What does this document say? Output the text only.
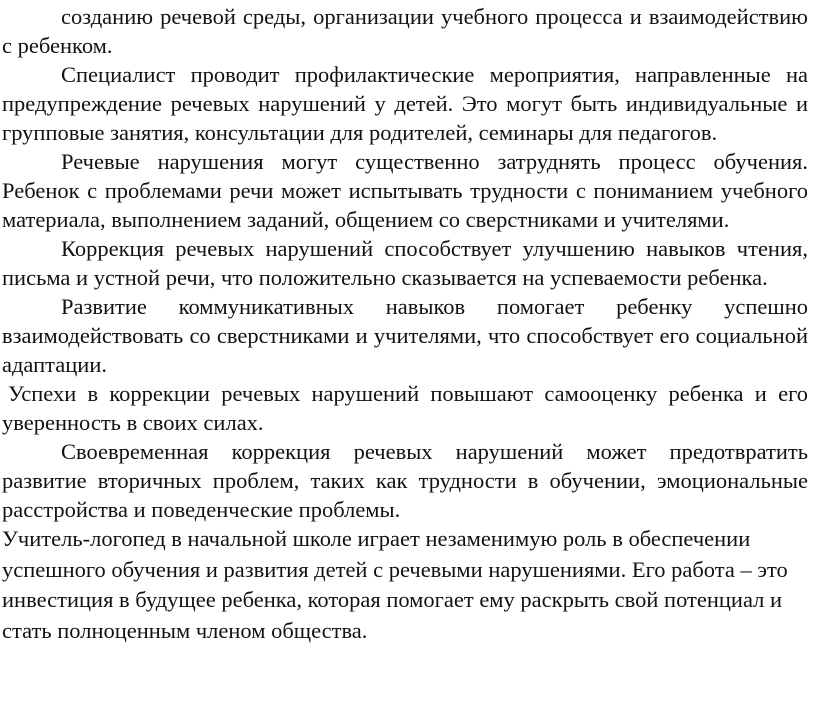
созданию речевой среды, организации учебного процесса и взаимодействию с ребенком.

Специалист проводит профилактические мероприятия, направленные на предупреждение речевых нарушений у детей. Это могут быть индивидуальные и групповые занятия, консультации для родителей, семинары для педагогов.

Речевые нарушения могут существенно затруднять процесс обучения. Ребенок с проблемами речи может испытывать трудности с пониманием учебного материала, выполнением заданий, общением со сверстниками и учителями.

Коррекция речевых нарушений способствует улучшению навыков чтения, письма и устной речи, что положительно сказывается на успеваемости ребенка.

Развитие коммуникативных навыков помогает ребенку успешно взаимодействовать со сверстниками и учителями, что способствует его социальной адаптации.

Успехи в коррекции речевых нарушений повышают самооценку ребенка и его уверенность в своих силах.

Своевременная коррекция речевых нарушений может предотвратить развитие вторичных проблем, таких как трудности в обучении, эмоциональные расстройства и поведенческие проблемы.

Учитель-логопед в начальной школе играет незаменимую роль в обеспечении успешного обучения и развития детей с речевыми нарушениями. Его работа – это инвестиция в будущее ребенка, которая помогает ему раскрыть свой потенциал и стать полноценным членом общества.
